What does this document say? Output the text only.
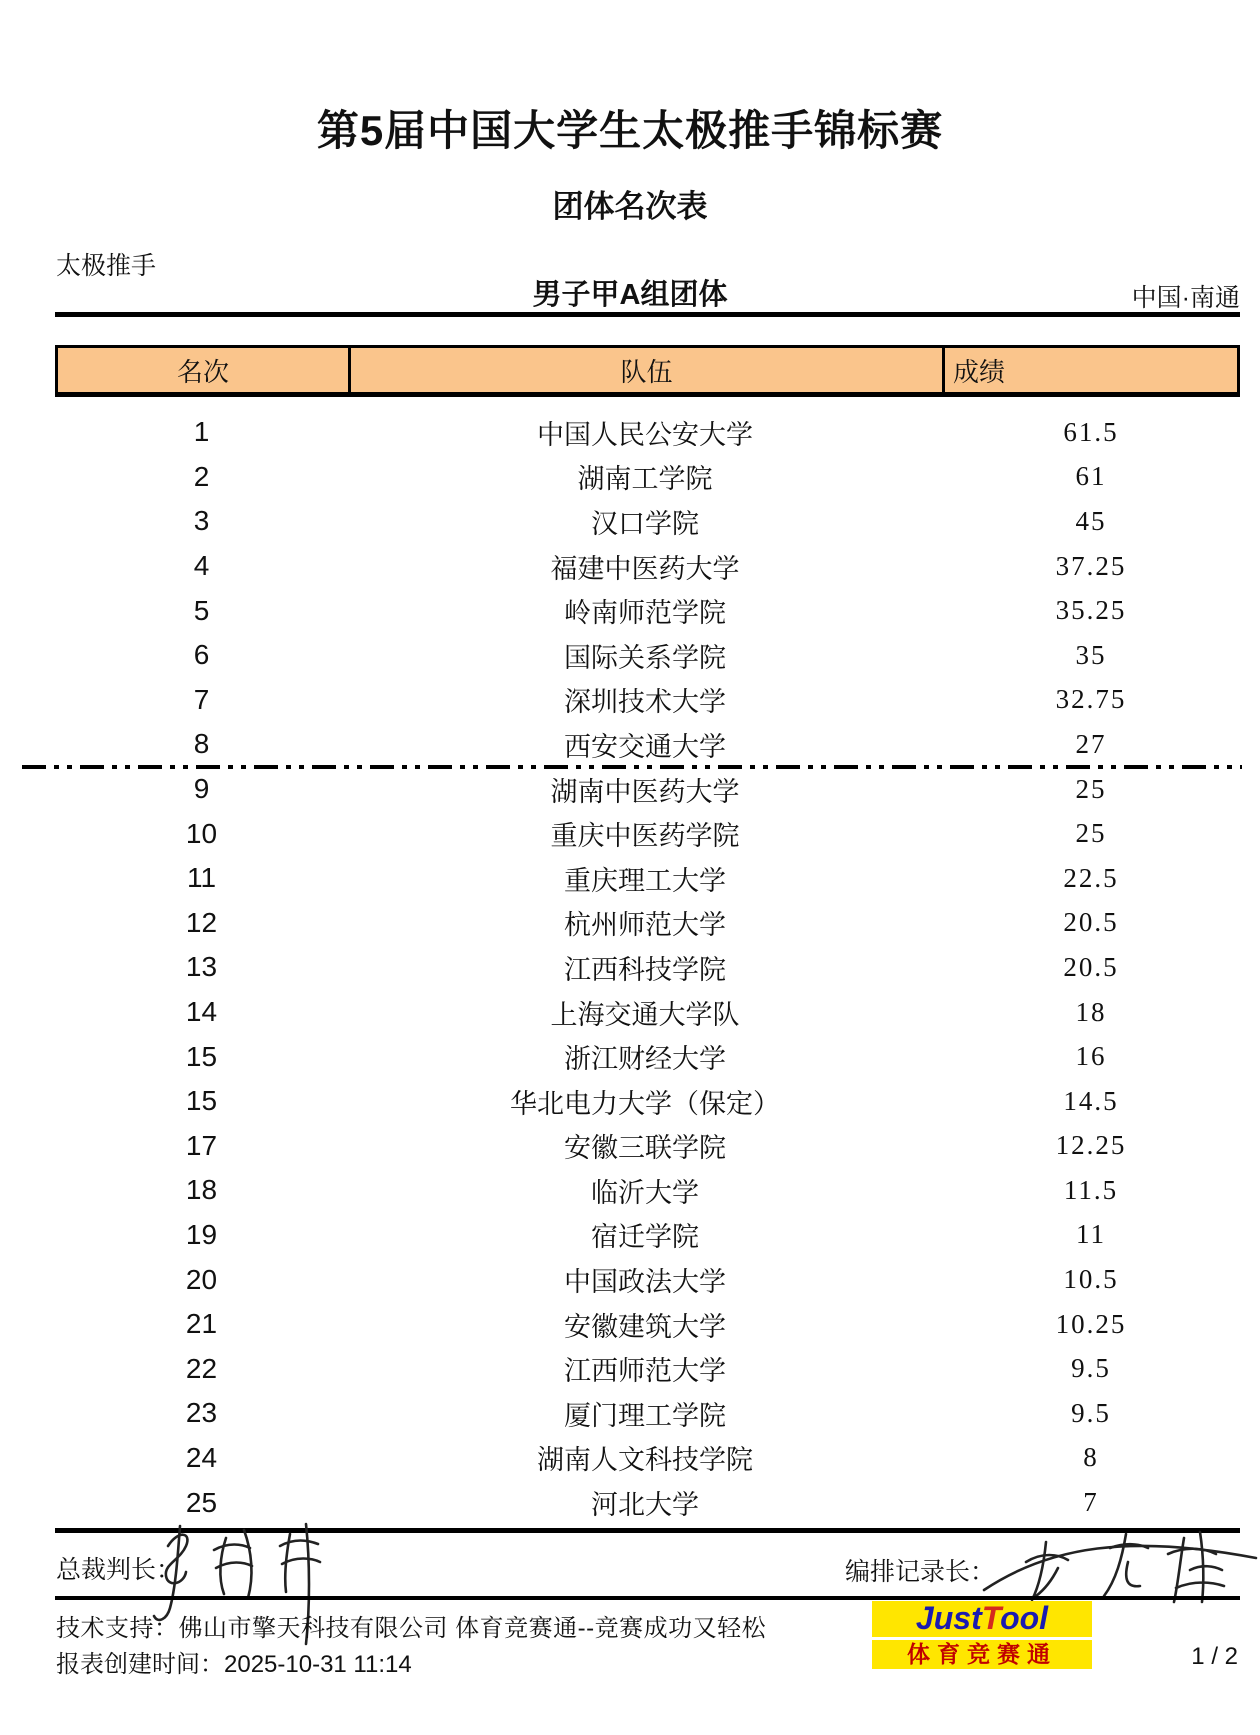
第5届中国大学生太极推手锦标赛
团体名次表
太极推手
男子甲A组团体	中国·南通
名次	队伍	成绩
1	中国人民公安大学	61.5
2	湖南工学院	61
3	汉口学院	45
4	福建中医药大学	37.25
5	岭南师范学院	35.25
6	国际关系学院	35
7	深圳技术大学	32.75
8	西安交通大学	27
9	湖南中医药大学	25
10	重庆中医药学院	25
11	重庆理工大学	22.5
12	杭州师范大学	20.5
13	江西科技学院	20.5
14	上海交通大学队	18
15	浙江财经大学	16
15	华北电力大学（保定）	14.5
17	安徽三联学院	12.25
18	临沂大学	11.5
19	宿迁学院	11
20	中国政法大学	10.5
21	安徽建筑大学	10.25
22	江西师范大学	9.5
23	厦门理工学院	9.5
24	湖南人文科技学院	8
25	河北大学	7
总裁判长：	编排记录长：
技术支持：佛山市擎天科技有限公司 体育竞赛通--竞赛成功又轻松	JustTool
体育竞赛通
报表创建时间：2025-10-31 11:14	1 / 2
